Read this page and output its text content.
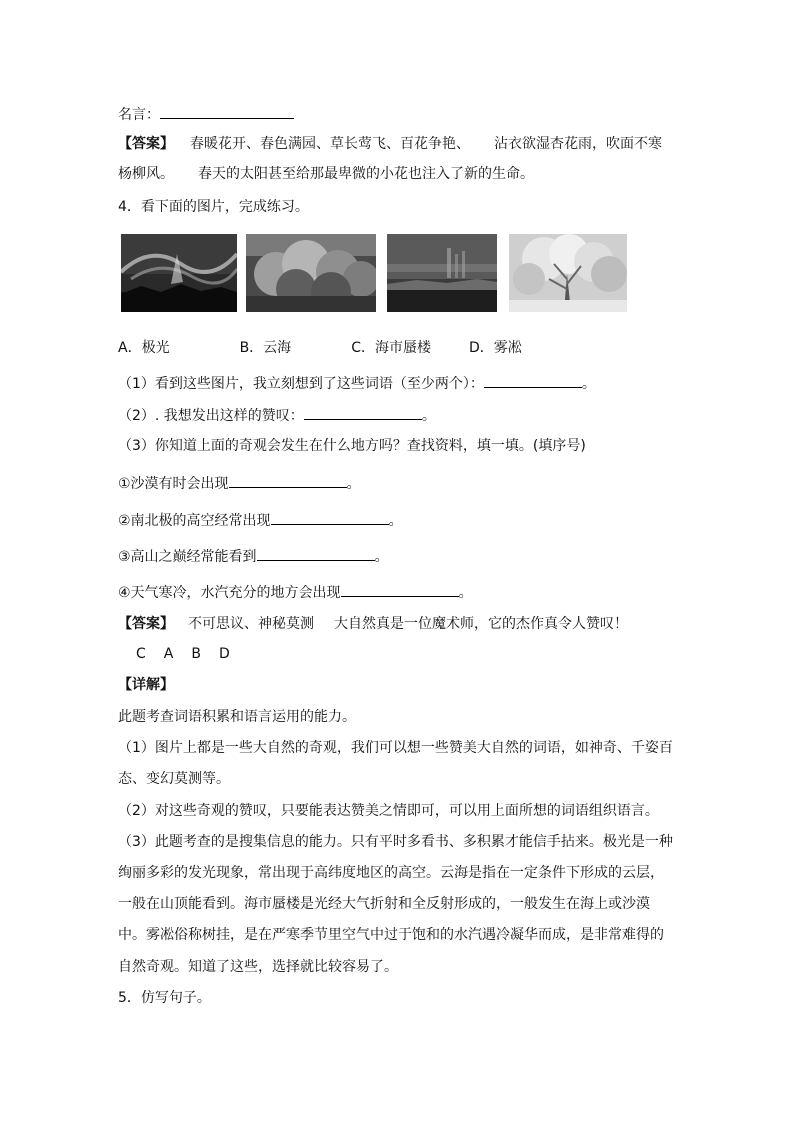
名言：
【答案】 春暖花开、春色满园、草长莺飞、百花争艳、 沾衣欲湿杏花雨，吹面不寒
杨柳风。 春天的太阳甚至给那最卑微的小花也注入了新的生命。
4．看下面的图片，完成练习。
A．极光	B．云海	C．海市蜃楼	D．雾凇
（1）看到这些图片，我立刻想到了这些词语（至少两个）：	。
（2）. 我想发出这样的赞叹：	。
（3）你知道上面的奇观会发生在什么地方吗？查找资料，填一填。(填序号)
①沙漠有时会出现	。
②南北极的高空经常出现	。
③高山之巅经常能看到	。
④天气寒冷，水汽充分的地方会出现	。
【答案】 不可思议、神秘莫测 大自然真是一位魔术师，它的杰作真令人赞叹！
C A B D
【详解】
此题考查词语积累和语言运用的能力。
（1）图片上都是一些大自然的奇观，我们可以想一些赞美大自然的词语，如神奇、千姿百
态、变幻莫测等。
（2）对这些奇观的赞叹，只要能表达赞美之情即可，可以用上面所想的词语组织语言。
（3）此题考查的是搜集信息的能力。只有平时多看书、多积累才能信手拈来。极光是一种
绚丽多彩的发光现象，常出现于高纬度地区的高空。云海是指在一定条件下形成的云层，
一般在山顶能看到。海市蜃楼是光经大气折射和全反射形成的，一般发生在海上或沙漠
中。雾凇俗称树挂，是在严寒季节里空气中过于饱和的水汽遇冷凝华而成，是非常难得的
自然奇观。知道了这些，选择就比较容易了。
5．仿写句子。
